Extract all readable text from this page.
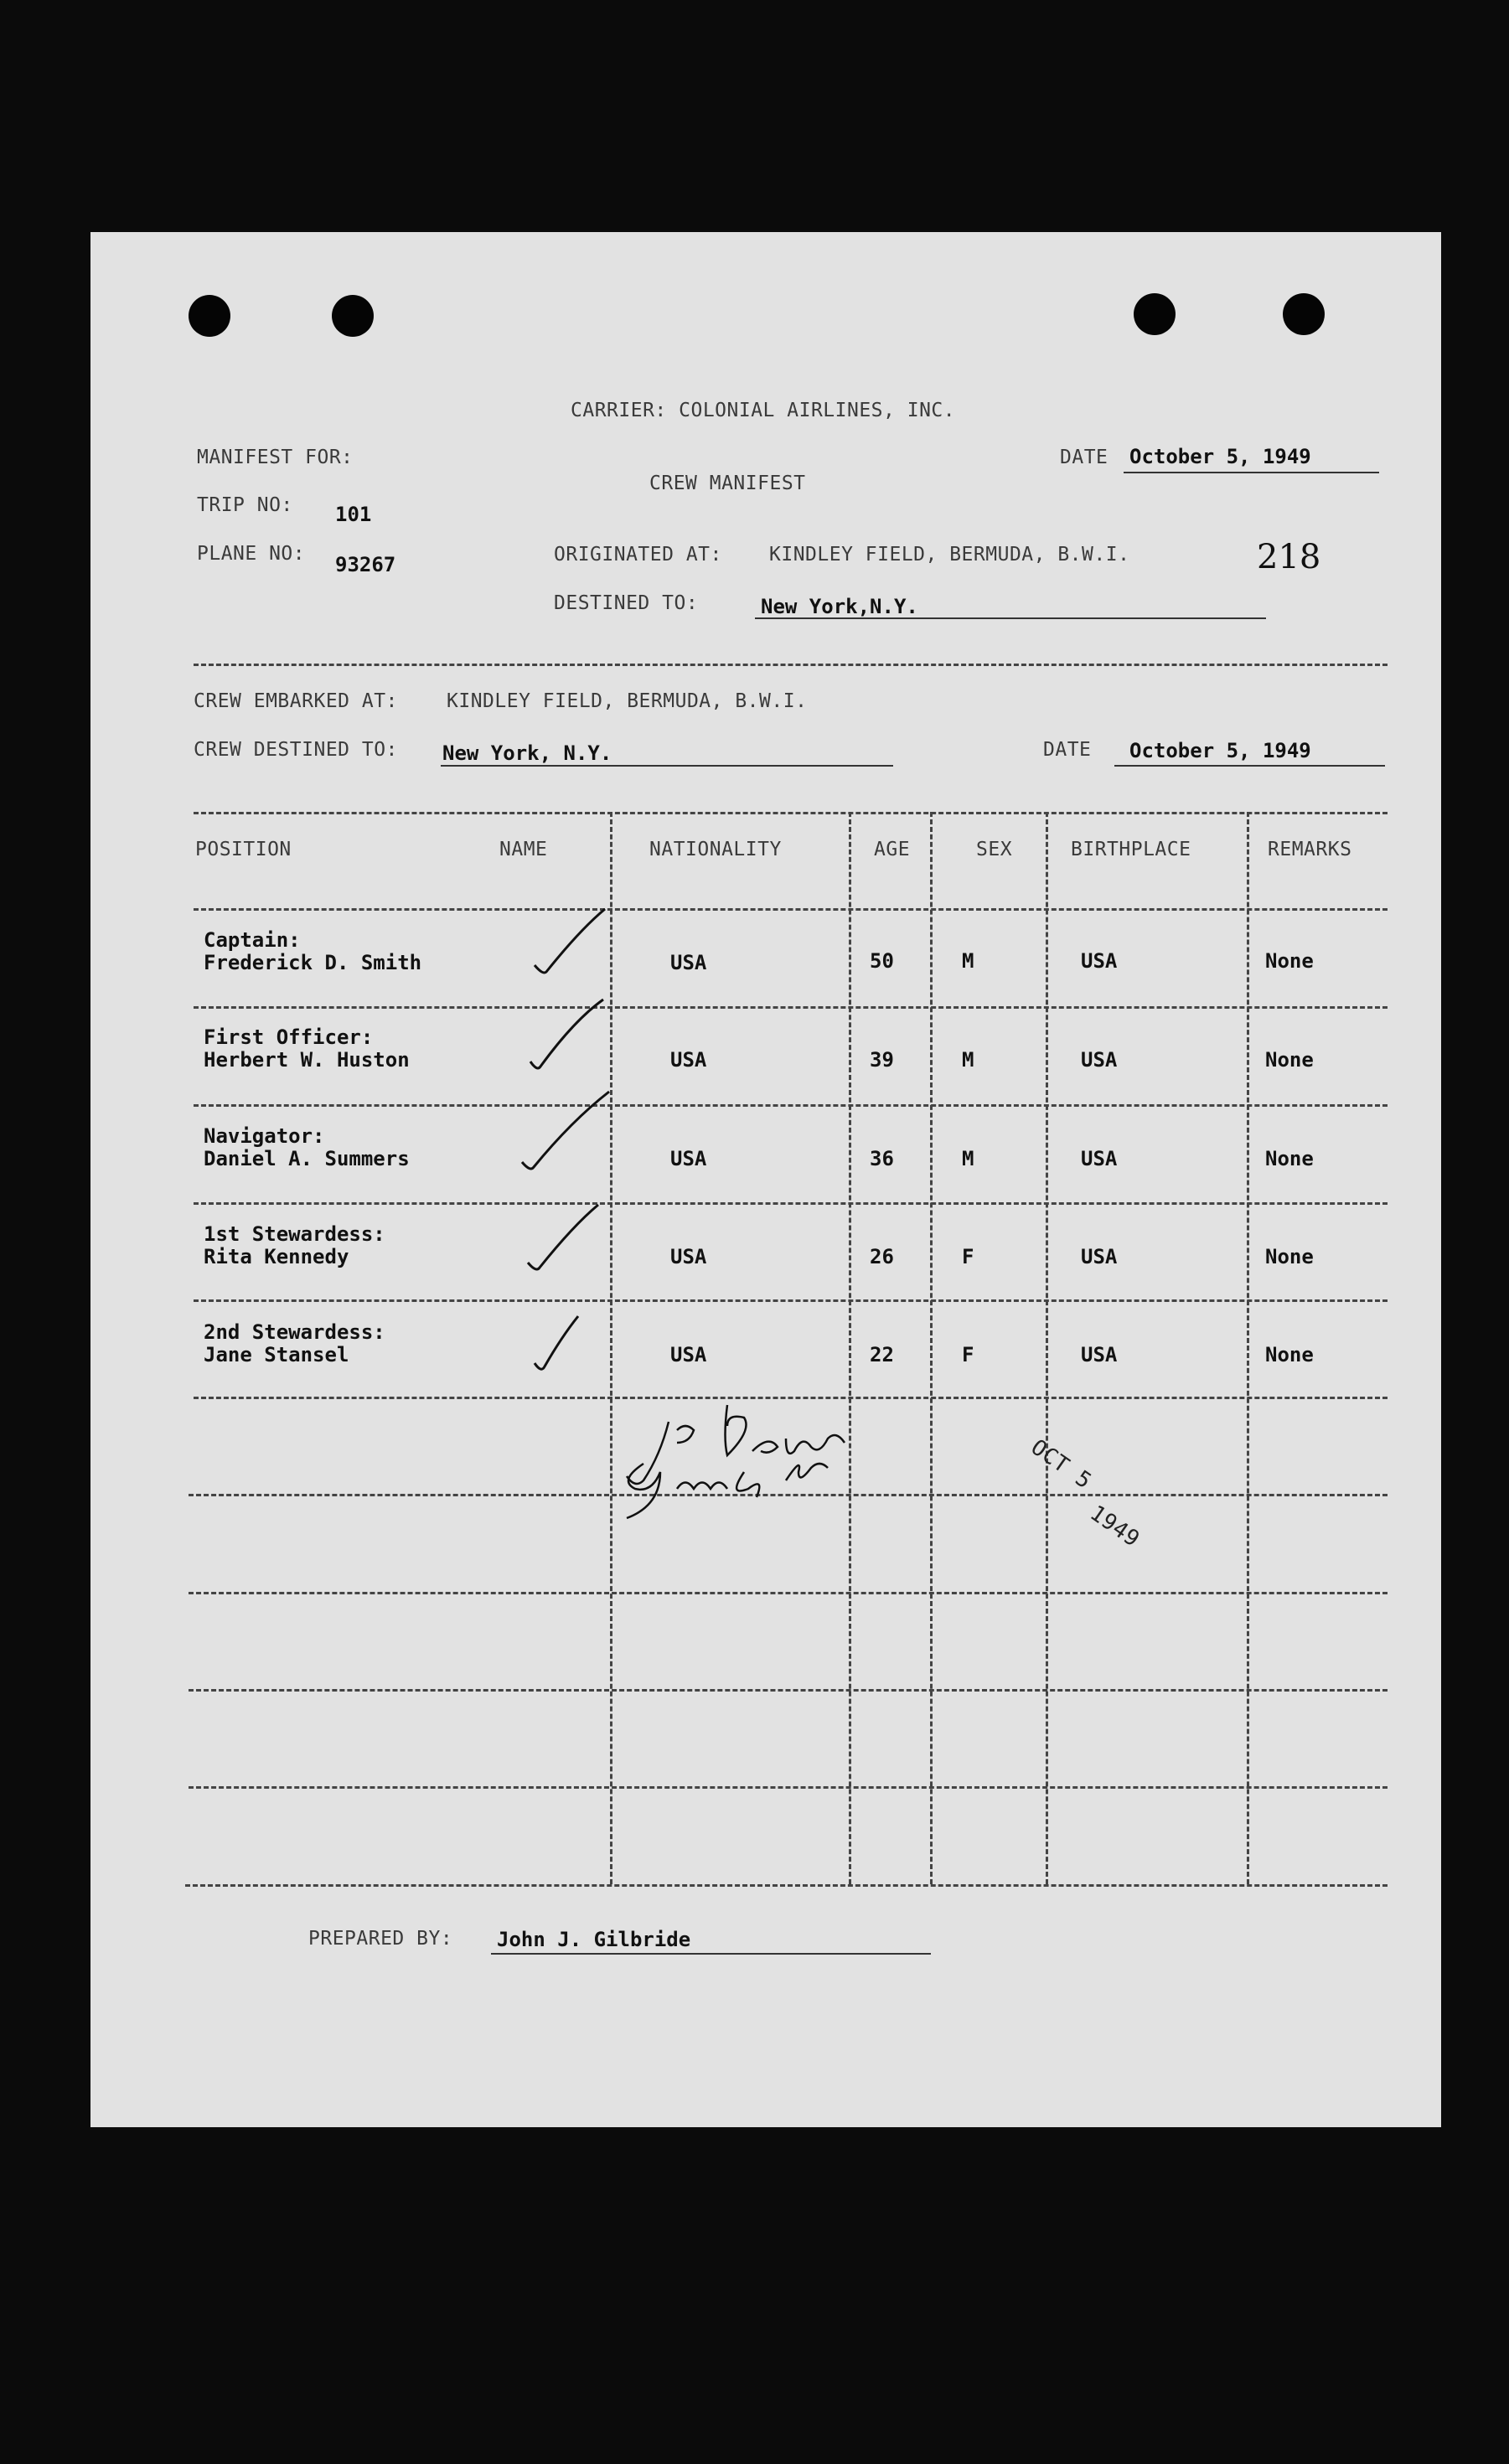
CARRIER: COLONIAL AIRLINES, INC.
MANIFEST FOR:
CREW MANIFEST
DATE October 5, 1949
TRIP NO: 101
PLANE NO: 93267	ORIGINATED AT: KINDLEY FIELD, BERMUDA, B.W.I.	218
DESTINED TO:	New York,N.Y.
CREW EMBARKED AT:	KINDLEY FIELD, BERMUDA, B.W.I.
CREW DESTINED TO: New York, N.Y.	DATE October 5, 1949
POSITION	NAME	NATIONALITY	AGE	SEX	BIRTHPLACE	REMARKS
Captain:
Frederick D. Smith	USA	50	M	USA	None
First Officer:
Herbert W. Huston	USA	39	M	USA	None
Navigator:
Daniel A. Summers	USA	36	M	USA	None
1st Stewardess:
Rita Kennedy	USA	26	F	USA	None
2nd Stewardess:
Jane Stansel	USA	22	F	USA	None
OCT 5
1949
PREPARED BY: John J. Gilbride
